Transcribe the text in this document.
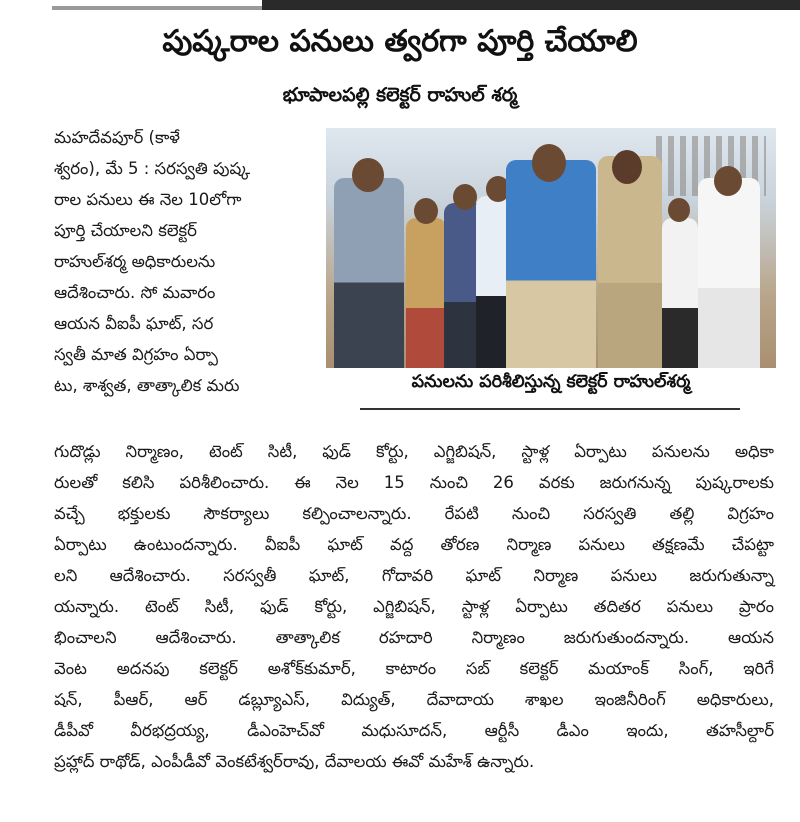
పుష్కరాల పనులు త్వరగా పూర్తి చేయాలి
భూపాలపల్లి కలెక్టర్ రాహుల్ శర్మ
మహదేవపూర్ (కాళే
శ్వరం), మే 5 : సరస్వతి పుష్క
రాల పనులు ఈ నెల 10లోగా
పూర్తి చేయాలని కలెక్టర్
రాహుల్‌శర్మ అధికారులను
ఆదేశించారు. సో మవారం
ఆయన వీఐపీ ఘాట్, సర
స్వతీ మాత విగ్రహం ఏర్పా
టు, శాశ్వత, తాత్కాలిక మరు	పనులను పరిశీలిస్తున్న కలెక్టర్ రాహుల్‌శర్మ
గుదొడ్లు నిర్మాణం, టెంట్ సిటీ, ఫుడ్ కోర్టు, ఎగ్జిబిషన్, స్టాళ్ల ఏర్పాటు పనులను అధికా
రులతో కలిసి పరిశీలించారు. ఈ నెల 15 నుంచి 26 వరకు జరుగనున్న పుష్కరాలకు
వచ్చే భక్తులకు సౌకర్యాలు కల్పించాలన్నారు. రేపటి నుంచి సరస్వతి తల్లి విగ్రహం
ఏర్పాటు ఉంటుందన్నారు. వీఐపీ ఘాట్ వద్ద తోరణ నిర్మాణ పనులు తక్షణమే చేపట్టా
లని ఆదేశించారు. సరస్వతీ ఘాట్, గోదావరి ఘాట్ నిర్మాణ పనులు జరుగుతున్నా
యన్నారు. టెంట్ సిటీ, ఫుడ్ కోర్టు, ఎగ్జిబిషన్, స్టాళ్ల ఏర్పాటు తదితర పనులు ప్రారం
భించాలని ఆదేశించారు. తాత్కాలిక రహదారి నిర్మాణం జరుగుతుందన్నారు. ఆయన
వెంట అదనపు కలెక్టర్ అశోక్‌కుమార్, కాటారం సబ్ కలెక్టర్ మయాంక్ సింగ్, ఇరిగే
షన్, పీఆర్, ఆర్ డబ్ల్యూఎస్, విద్యుత్, దేవాదాయ శాఖల ఇంజినీరింగ్ అధికారులు,
డీపీవో వీరభద్రయ్య, డీఎంహెచ్‌వో మధుసూదన్, ఆర్టీసీ డీఎం ఇందు, తహసీల్దార్
ప్రహ్లాద్ రాథోడ్, ఎంపీడీవో వెంకటేశ్వర్‌రావు, దేవాలయ ఈవో మహేశ్ ఉన్నారు.
